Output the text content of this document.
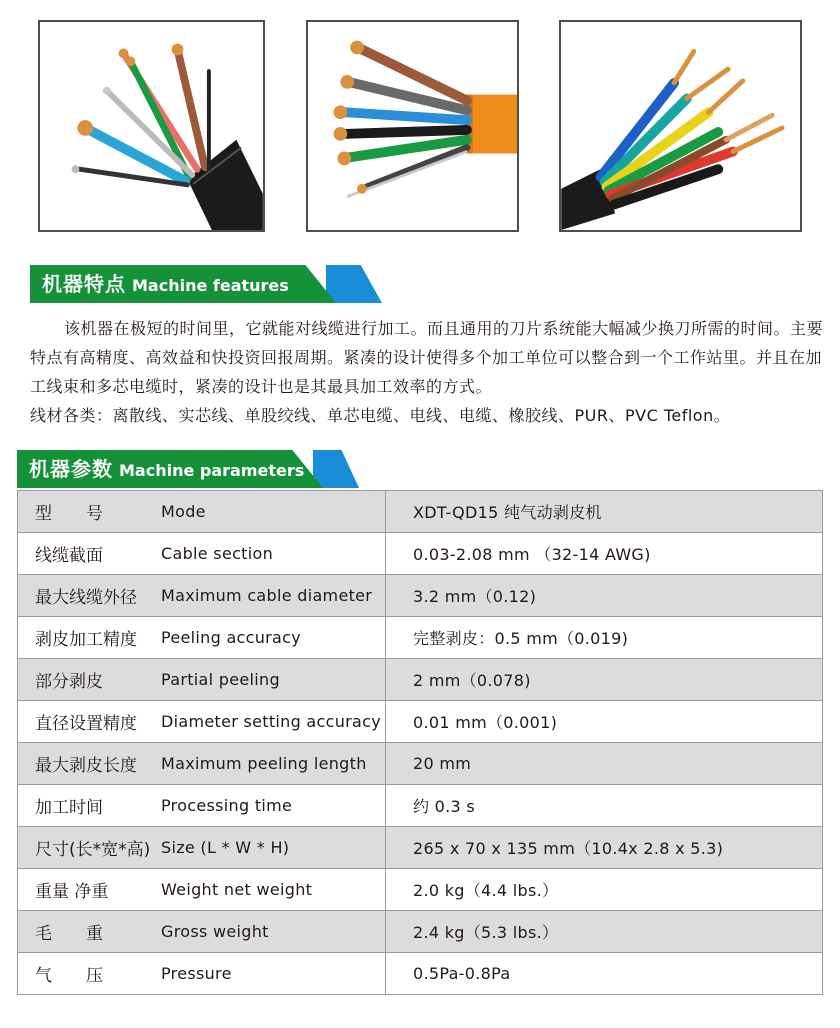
机器特点 Machine features

该机器在极短的时间里，它就能对线缆进行加工。而且通用的刀片系统能大幅减少换刀所需的时间。主要特点有高精度、高效益和快投资回报周期。紧凑的设计使得多个加工单位可以整合到一个工作站里。并且在加工线束和多芯电缆时，紧凑的设计也是其最具加工效率的方式。

线材各类：离散线、实芯线、单股绞线、单芯电缆、电线、电缆、橡胶线、PUR、PVC Teflon。

机器参数 Machine parameters
型　　号	Mode	XDT-QD15 纯气动剥皮机
线缆截面	Cable section	0.03-2.08 mm （32-14 AWG)
最大线缆外径	Maximum cable diameter	3.2 mm（0.12)
剥皮加工精度	Peeling accuracy	完整剥皮：0.5 mm（0.019)
部分剥皮	Partial peeling	2 mm（0.078)
直径设置精度	Diameter setting accuracy	0.01 mm（0.001)
最大剥皮长度	Maximum peeling length	20 mm
加工时间	Processing time	约 0.3 s
尺寸(长*宽*高)	Size (L * W * H)	265 x 70 x 135 mm（10.4x 2.8 x 5.3)
重量 净重	Weight net weight	2.0 kg（4.4 lbs.）
毛　　重	Gross weight	2.4 kg（5.3 lbs.）
气　　压	Pressure	0.5Pa-0.8Pa
